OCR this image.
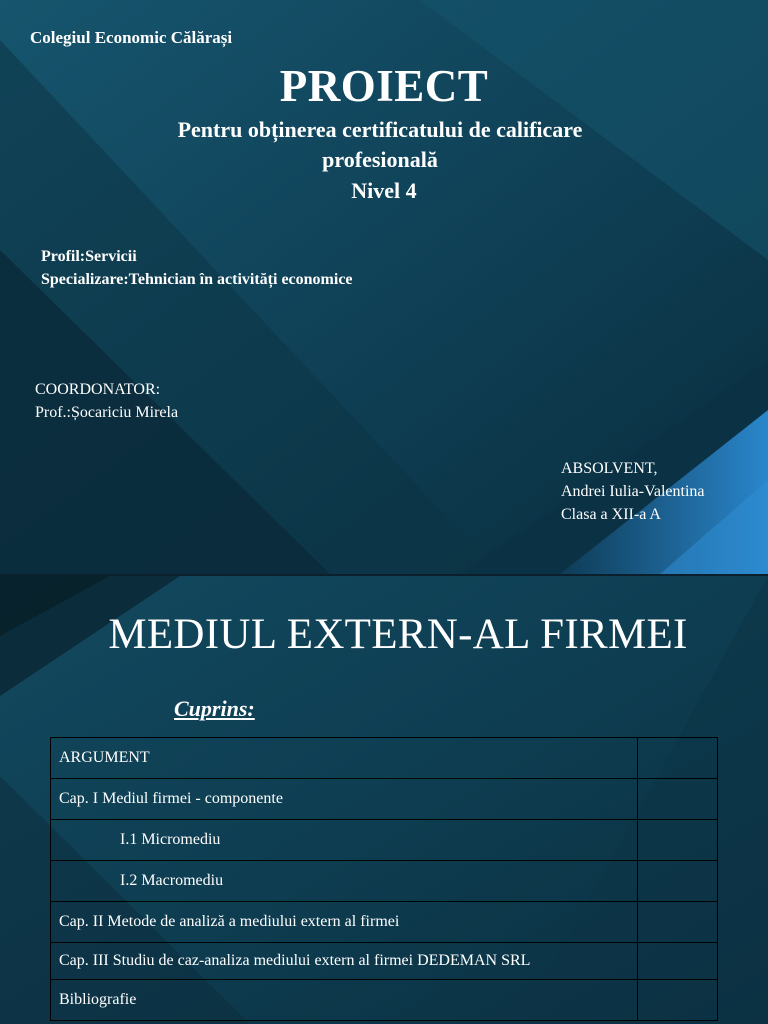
Colegiul Economic Călărași
PROIECT
Pentru obținerea certificatului de calificare profesională
Nivel 4
Profil:Servicii
Specializare:Tehnician în activități economice
COORDONATOR:
Prof.:Șocariciu Mirela
ABSOLVENT,
Andrei Iulia-Valentina
Clasa a XII-a A
MEDIUL EXTERN-AL FIRMEI
Cuprins:
ARGUMENT	
Cap. I Mediul firmei - componente	
I.1 Micromediu	
I.2 Macromediu	
Cap. II Metode de analiză a mediului extern al firmei	
Cap. III Studiu de caz-analiza mediului extern al firmei DEDEMAN SRL	
Bibliografie	
